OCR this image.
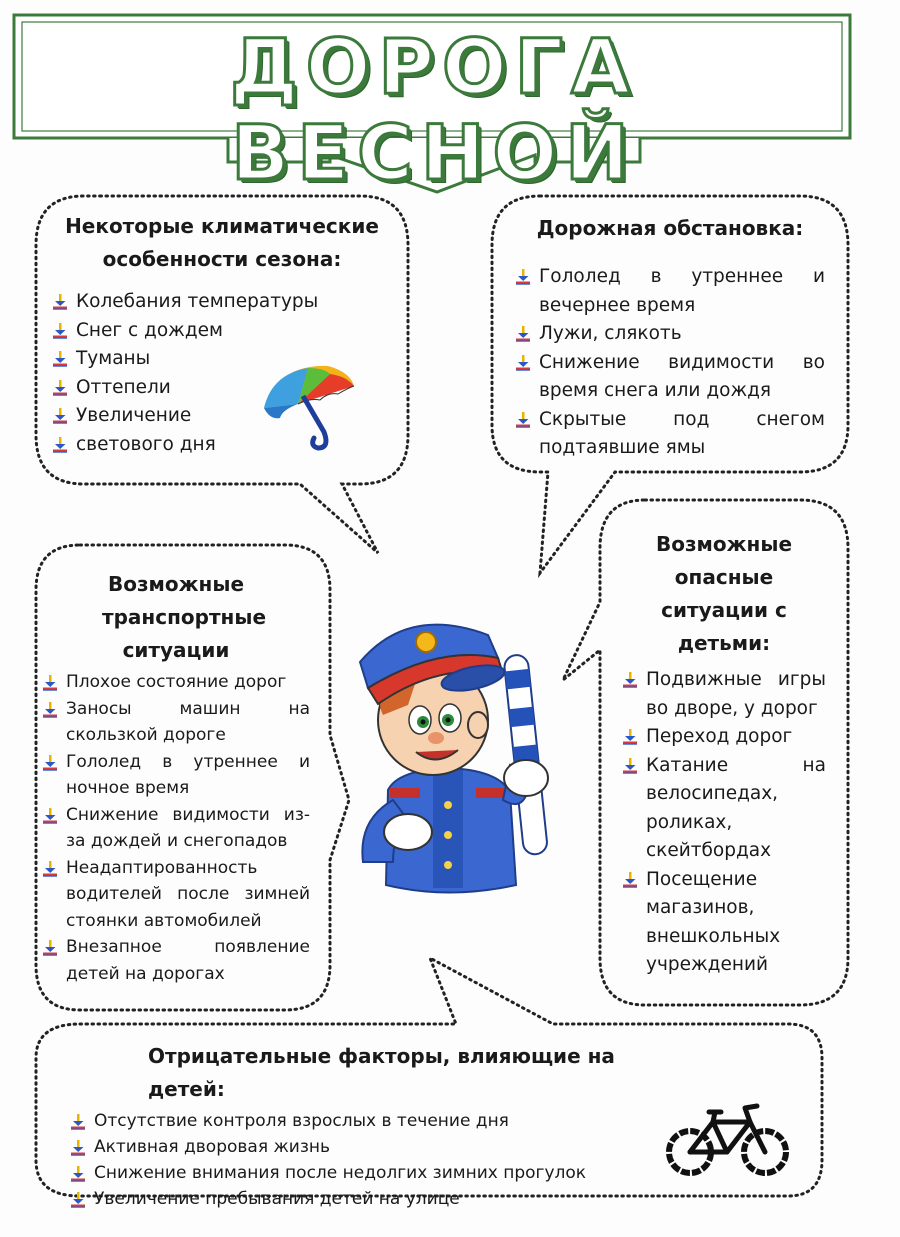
ДОРОГА ВЕСНОЙ
Некоторые климатические особенности сезона:
Колебания температуры
Снег с дождем
Туманы
Оттепели
Увеличение
светового дня
Дорожная обстановка:
Гололед в утреннее и вечернее время
Лужи, слякоть
Снижение видимости во время снега или дождя
Скрытые под снегом подтаявшие ямы
Возможные транспортные ситуации
Плохое состояние дорог
Заносы машин на скользкой дороге
Гололед в утреннее и ночное время
Снижение видимости из-за дождей и снегопадов
Неадаптированность водителей после зимней стоянки автомобилей
Внезапное появление детей на дорогах
Возможные опасные ситуации с детьми:
Подвижные игры во дворе, у дорог
Переход дорог
Катание на велосипедах, роликах, скейтбордах
Посещение магазинов, внешкольных учреждений
Отрицательные факторы, влияющие на детей:
Отсутствие контроля взрослых в течение дня
Активная дворовая жизнь
Снижение внимания после недолгих зимних прогулок
Увеличение пребывания детей на улице
